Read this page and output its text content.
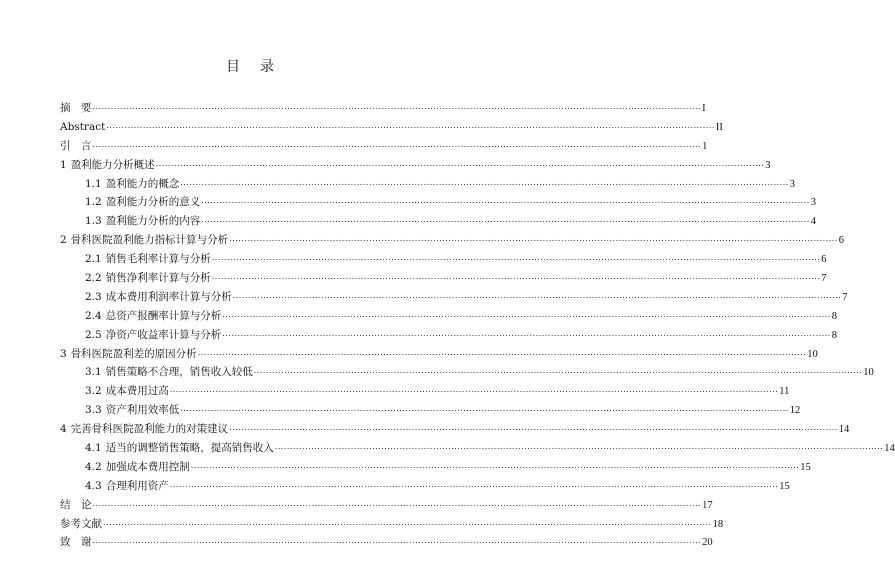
目 录
摘　要 ........................................................................................................................................................................................................ I
Abstract ........................................................................................................................................................................................................ II
引　言 ........................................................................................................................................................................................................ 1
1 盈利能力分析概述 ........................................................................................................................................................................................................ 3
1.1 盈利能力的概念 ........................................................................................................................................................................................................ 3
1.2 盈利能力分析的意义 ........................................................................................................................................................................................................ 3
1.3 盈利能力分析的内容 ........................................................................................................................................................................................................ 4
2 骨科医院盈利能力指标计算与分析 ........................................................................................................................................................................................................ 6
2.1 销售毛利率计算与分析 ........................................................................................................................................................................................................ 6
2.2 销售净利率计算与分析 ........................................................................................................................................................................................................ 7
2.3 成本费用利润率计算与分析 ........................................................................................................................................................................................................ 7
2.4 总资产报酬率计算与分析 ........................................................................................................................................................................................................ 8
2.5 净资产收益率计算与分析 ........................................................................................................................................................................................................ 8
3 骨科医院盈利差的原因分析 ........................................................................................................................................................................................................ 10
3.1 销售策略不合理，销售收入较低 ........................................................................................................................................................................................................ 10
3.2 成本费用过高 ........................................................................................................................................................................................................ 11
3.3 资产利用效率低 ........................................................................................................................................................................................................ 12
4 完善骨科医院盈利能力的对策建议 ........................................................................................................................................................................................................ 14
4.1 适当的调整销售策略，提高销售收入 ........................................................................................................................................................................................................ 14
4.2 加强成本费用控制 ........................................................................................................................................................................................................ 15
4.3 合理利用资产 ........................................................................................................................................................................................................ 15
结　论 ........................................................................................................................................................................................................ 17
参考文献 ........................................................................................................................................................................................................ 18
致　谢 ........................................................................................................................................................................................................ 20
